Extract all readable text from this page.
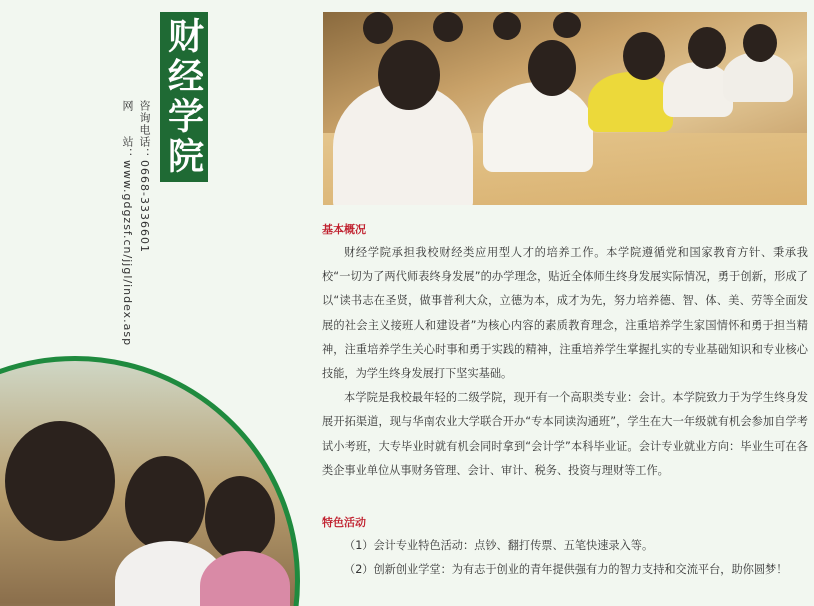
财经学院
咨询电话：0668-3336601
网　　站：www.gdgzsf.cn/jjgl/index.asp	基本概况

财经学院承担我校财经类应用型人才的培养工作。本学院遵循党和国家教育方针、秉承我校“一切为了两代师表终身发展”的办学理念，贴近全体师生终身发展实际情况，勇于创新，形成了以“读书志在圣贤，做事普利大众，立德为本，成才为先，努力培养德、智、体、美、劳等全面发展的社会主义接班人和建设者”为核心内容的素质教育理念，注重培养学生家国情怀和勇于担当精神，注重培养学生关心时事和勇于实践的精神，注重培养学生掌握扎实的专业基础知识和专业核心技能，为学生终身发展打下坚实基础。

本学院是我校最年轻的二级学院，现开有一个高职类专业：会计。本学院致力于为学生终身发展开拓渠道，现与华南农业大学联合开办“专本同读沟通班”，学生在大一年级就有机会参加自学考试小考班，大专毕业时就有机会同时拿到“会计学”本科毕业证。会计专业就业方向：毕业生可在各类企事业单位从事财务管理、会计、审计、税务、投资与理财等工作。

特色活动
（1）会计专业特色活动：点钞、翻打传票、五笔快速录入等。
（2）创新创业学堂：为有志于创业的青年提供强有力的智力支持和交流平台，助你圆梦！
